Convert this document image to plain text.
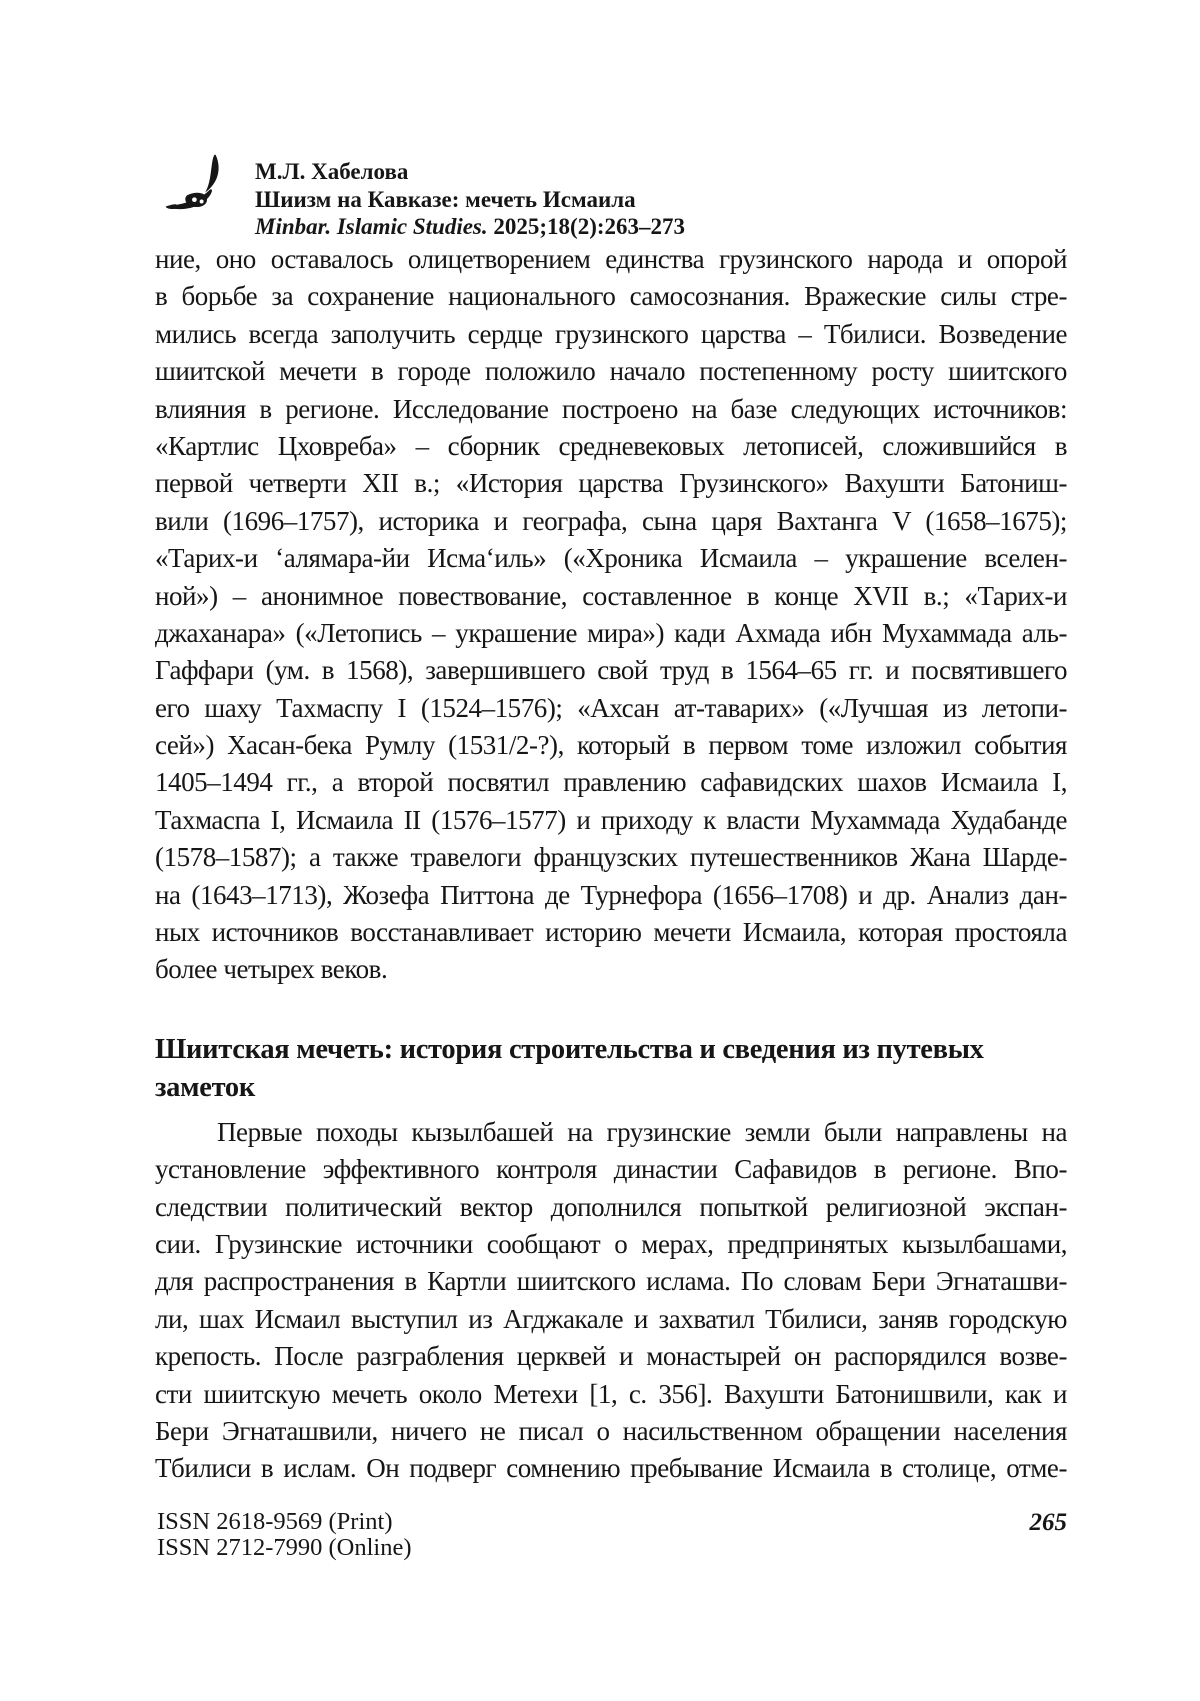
М.Л. Хабелова
Шиизм на Кавказе: мечеть Исмаила
Minbar. Islamic Studies. 2025;18(2):263–273
ние, оно оставалось олицетворением единства грузинского народа и опорой
в борьбе за сохранение национального самосознания. Вражеские силы стре-
мились всегда заполучить сердце грузинского царства – Тбилиси. Возведение
шиитской мечети в городе положило начало постепенному росту шиитского
влияния в регионе. Исследование построено на базе следующих источников:
«Картлис Цховреба» – сборник средневековых летописей, сложившийся в
первой четверти XII в.; «История царства Грузинского» Вахушти Батониш-
вили (1696–1757), историка и географа, сына царя Вахтанга V (1658–1675);
«Тарих-и ‘алямара-йи Исма‘иль» («Хроника Исмаила – украшение вселен-
ной») – анонимное повествование, составленное в конце XVII в.; «Тарих-и
джаханара» («Летопись – украшение мира») кади Ахмада ибн Мухаммада аль-
Гаффари (ум. в 1568), завершившего свой труд в 1564–65 гг. и посвятившего
его шаху Тахмаспу I (1524–1576); «Ахсан ат-таварих» («Лучшая из летопи-
сей») Хасан-бека Румлу (1531/2-?), который в первом томе изложил события
1405–1494 гг., а второй посвятил правлению сафавидских шахов Исмаила I,
Тахмаспа I, Исмаила II (1576–1577) и приходу к власти Мухаммада Худабанде
(1578–1587); а также травелоги французских путешественников Жана Шарде-
на (1643–1713), Жозефа Питтона де Турнефора (1656–1708) и др. Анализ дан-
ных источников восстанавливает историю мечети Исмаила, которая простояла
более четырех веков.
Шиитская мечеть: история строительства и сведения из путевых
заметок
Первые походы кызылбашей на грузинские земли были направлены на
установление эффективного контроля династии Сафавидов в регионе. Впо-
следствии политический вектор дополнился попыткой религиозной экспан-
сии. Грузинские источники сообщают о мерах, предпринятых кызылбашами,
для распространения в Картли шиитского ислама. По словам Бери Эгнаташви-
ли, шах Исмаил выступил из Агджакале и захватил Тбилиси, заняв городскую
крепость. После разграбления церквей и монастырей он распорядился возве-
сти шиитскую мечеть около Метехи [1, с. 356]. Вахушти Батонишвили, как и
Бери Эгнаташвили, ничего не писал о насильственном обращении населения
Тбилиси в ислам. Он подверг сомнению пребывание Исмаила в столице, отме-
ISSN 2618-9569 (Print)
ISSN 2712-7990 (Online)
265
